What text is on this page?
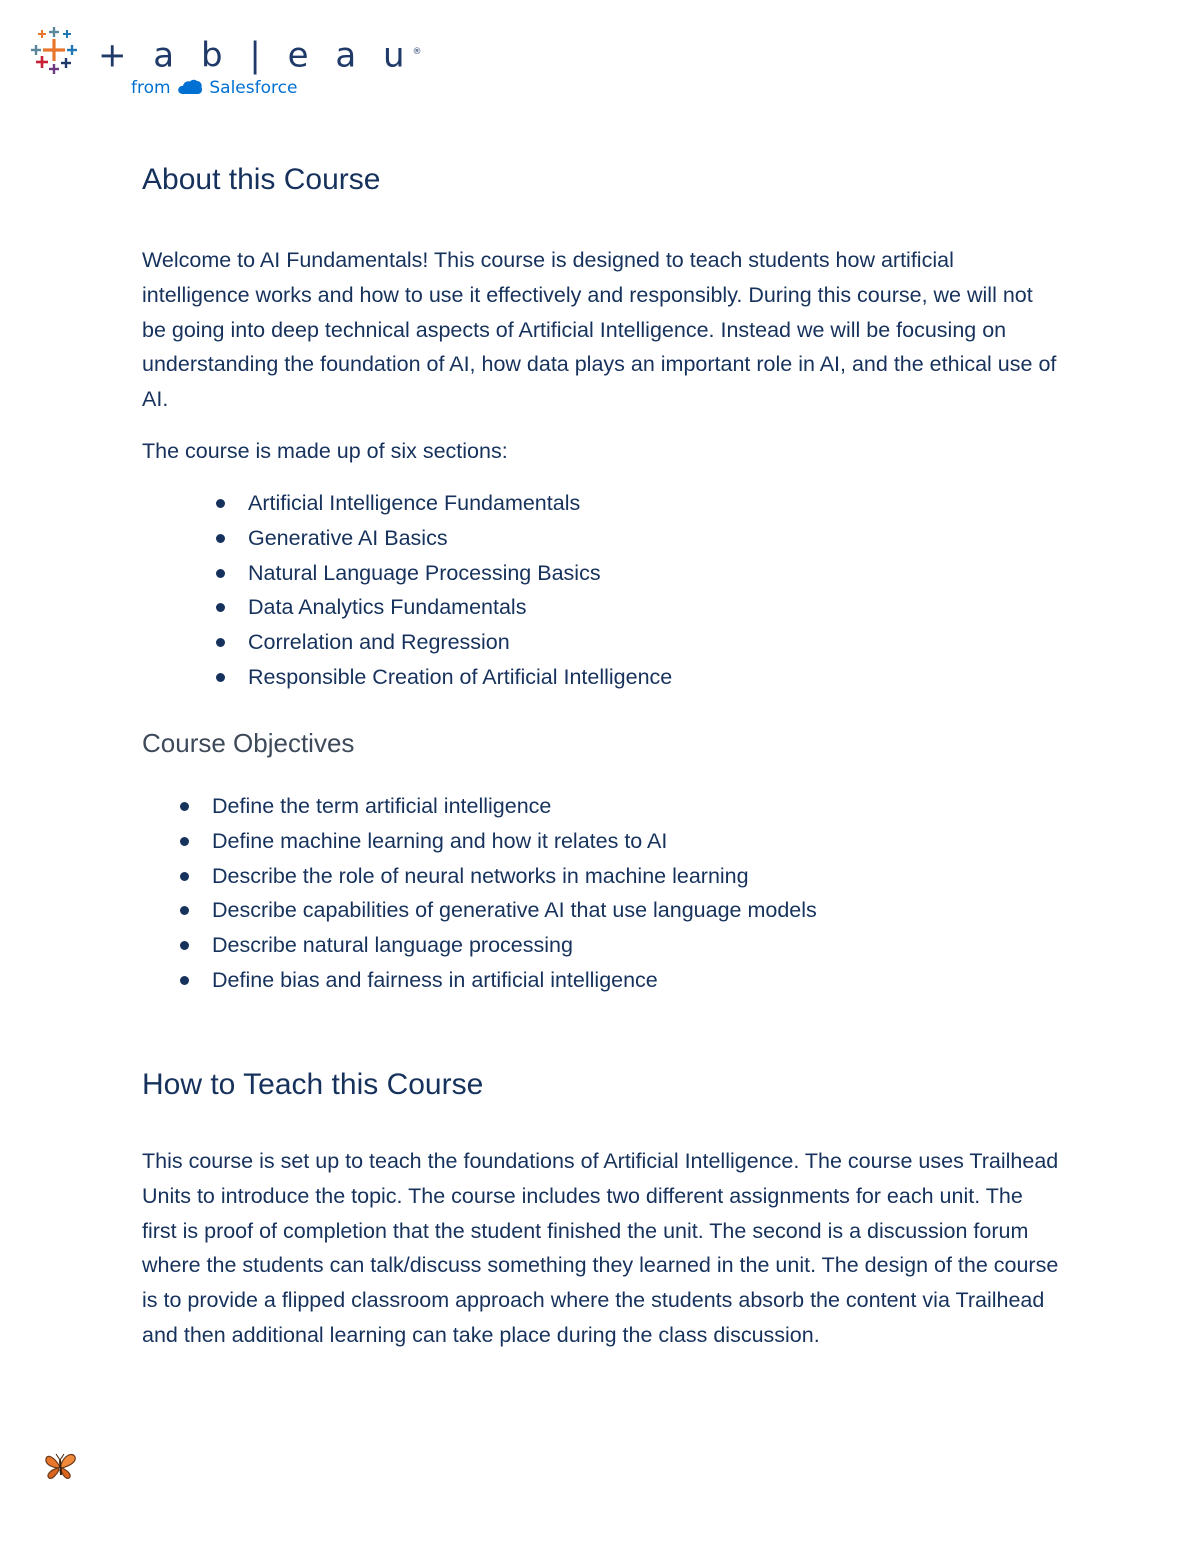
+ a b | e a u®
from Salesforce
About this Course

Welcome to AI Fundamentals! This course is designed to teach students how artificial intelligence works and how to use it effectively and responsibly. During this course, we will not be going into deep technical aspects of Artificial Intelligence. Instead we will be focusing on understanding the foundation of AI, how data plays an important role in AI, and the ethical use of AI.

The course is made up of six sections:

Artificial Intelligence Fundamentals
Generative AI Basics
Natural Language Processing Basics
Data Analytics Fundamentals
Correlation and Regression
Responsible Creation of Artificial Intelligence
Course Objectives
Define the term artificial intelligence
Define machine learning and how it relates to AI
Describe the role of neural networks in machine learning
Describe capabilities of generative AI that use language models
Describe natural language processing
Define bias and fairness in artificial intelligence
How to Teach this Course

This course is set up to teach the foundations of Artificial Intelligence. The course uses Trailhead Units to introduce the topic. The course includes two different assignments for each unit. The first is proof of completion that the student finished the unit. The second is a discussion forum where the students can talk/discuss something they learned in the unit. The design of the course is to provide a flipped classroom approach where the students absorb the content via Trailhead and then additional learning can take place during the class discussion.
